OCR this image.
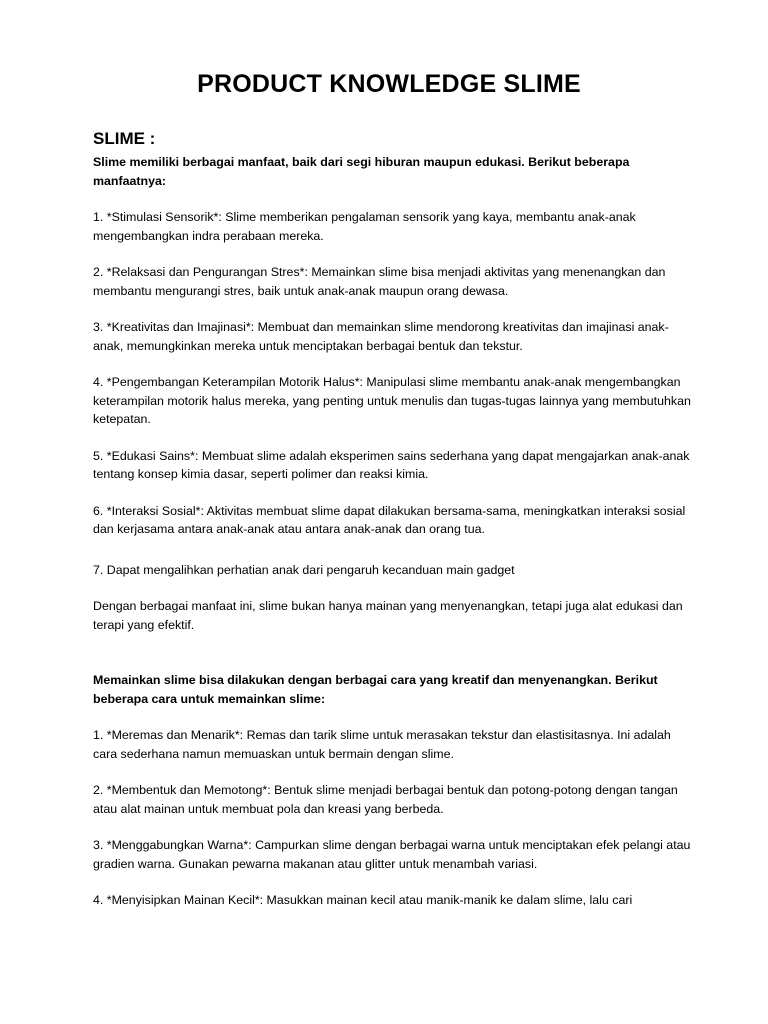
PRODUCT KNOWLEDGE SLIME
SLIME :

Slime memiliki berbagai manfaat, baik dari segi hiburan maupun edukasi. Berikut beberapa manfaatnya:

1. *Stimulasi Sensorik*: Slime memberikan pengalaman sensorik yang kaya, membantu anak-anak mengembangkan indra perabaan mereka.

2. *Relaksasi dan Pengurangan Stres*: Memainkan slime bisa menjadi aktivitas yang menenangkan dan membantu mengurangi stres, baik untuk anak-anak maupun orang dewasa.

3. *Kreativitas dan Imajinasi*: Membuat dan memainkan slime mendorong kreativitas dan imajinasi anak-anak, memungkinkan mereka untuk menciptakan berbagai bentuk dan tekstur.

4. *Pengembangan Keterampilan Motorik Halus*: Manipulasi slime membantu anak-anak mengembangkan keterampilan motorik halus mereka, yang penting untuk menulis dan tugas-tugas lainnya yang membutuhkan ketepatan.

5. *Edukasi Sains*: Membuat slime adalah eksperimen sains sederhana yang dapat mengajarkan anak-anak tentang konsep kimia dasar, seperti polimer dan reaksi kimia.

6. *Interaksi Sosial*: Aktivitas membuat slime dapat dilakukan bersama-sama, meningkatkan interaksi sosial dan kerjasama antara anak-anak atau antara anak-anak dan orang tua.

7. Dapat mengalihkan perhatian anak dari pengaruh kecanduan main gadget

Dengan berbagai manfaat ini, slime bukan hanya mainan yang menyenangkan, tetapi juga alat edukasi dan terapi yang efektif.

Memainkan slime bisa dilakukan dengan berbagai cara yang kreatif dan menyenangkan. Berikut beberapa cara untuk memainkan slime:

1. *Meremas dan Menarik*: Remas dan tarik slime untuk merasakan tekstur dan elastisitasnya. Ini adalah cara sederhana namun memuaskan untuk bermain dengan slime.

2. *Membentuk dan Memotong*: Bentuk slime menjadi berbagai bentuk dan potong-potong dengan tangan atau alat mainan untuk membuat pola dan kreasi yang berbeda.

3. *Menggabungkan Warna*: Campurkan slime dengan berbagai warna untuk menciptakan efek pelangi atau gradien warna. Gunakan pewarna makanan atau glitter untuk menambah variasi.

4. *Menyisipkan Mainan Kecil*: Masukkan mainan kecil atau manik-manik ke dalam slime, lalu cari
